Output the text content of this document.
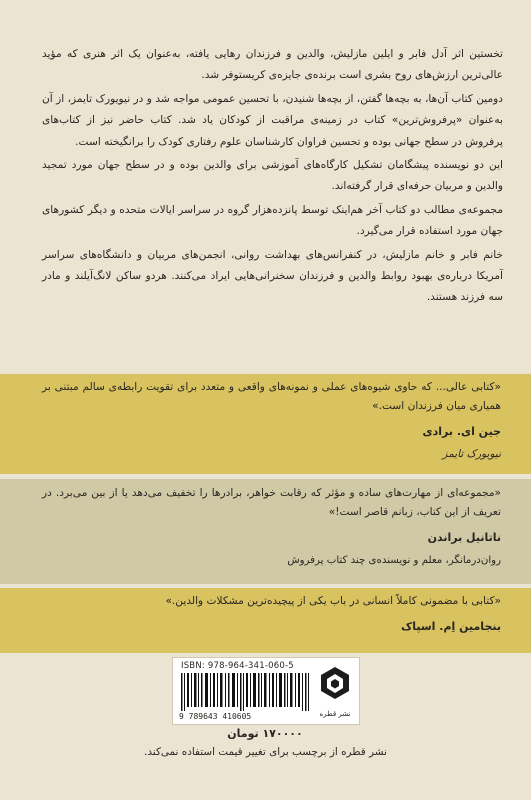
تخستین اثر آدل فابر و ایلین مازلیش، والدین و فرزندان رهایی یافته، به‌عنوان یک اثر هنری که مؤید عالی‌ترین ارزش‌های روح بشری است برنده‌ی جایزه‌ی کریستوفر شد.

دومین کتاب آن‌ها، به بچه‌ها گفتن، از بچه‌ها شنیدن، با تحسین عمومی مواجه شد و در نیویورک تایمز، از آن به‌عنوان «پرفروش‌ترین» کتاب در زمینه‌ی مراقبت از کودکان یاد شد. کتاب حاضر نیز از کتاب‌های پرفروش در سطح جهانی بوده و تحسین فراوان کارشناسان علوم رفتاری کودک را برانگیخته است.

این دو نویسنده پیشگامان تشکیل کارگاه‌های آموزشی برای والدین بوده و در سطح جهان مورد تمجید والدین و مربیان حرفه‌ای قرار گرفته‌اند.

مجموعه‌ی مطالب دو کتاب آخر هم‌اینک توسط پانزده‌هزار گروه در سراسر ایالات متحده و دیگر کشورهای جهان مورد استفاده قرار می‌گیرد.

خانم فابر و خانم مازلیش، در کنفرانس‌های بهداشت روانی، انجمن‌های مربیان و دانشگاه‌های سراسر آمریکا درباره‌ی بهبود روابط والدین و فرزندان سخنرانی‌هایی ایراد می‌کنند. هردو ساکن لانگ‌آیلند و مادر سه فرزند هستند.

«کتابی عالی... که حاوی شیوه‌های عملی و نمونه‌های واقعی و متعدد برای تقویت رابطه‌ی سالم مبتنی بر همیاری میان فرزندان است.»
جین ای. برادی
نیویورک تایمز
«مجموعه‌ای از مهارت‌های ساده و مؤثر که رقابت خواهر، برادرها را تخفیف می‌دهد یا از بین می‌برد. در تعریف از این کتاب، زبانم قاصر است!»
ناتانیل براندن
روان‌درمانگر، معلم و نویسنده‌ی چند کتاب پرفروش
«کتابی با مضمونی کاملاً انسانی در باب یکی از پیچیده‌ترین مشکلات والدین.»
بنجامین اِم. اسپاک
ISBN: 978-964-341-060-5
9 789643 410605	نشر قطره
۱۷۰۰۰۰ تومان
نشر قطره از برچسب برای تغییر قیمت استفاده نمی‌کند.
